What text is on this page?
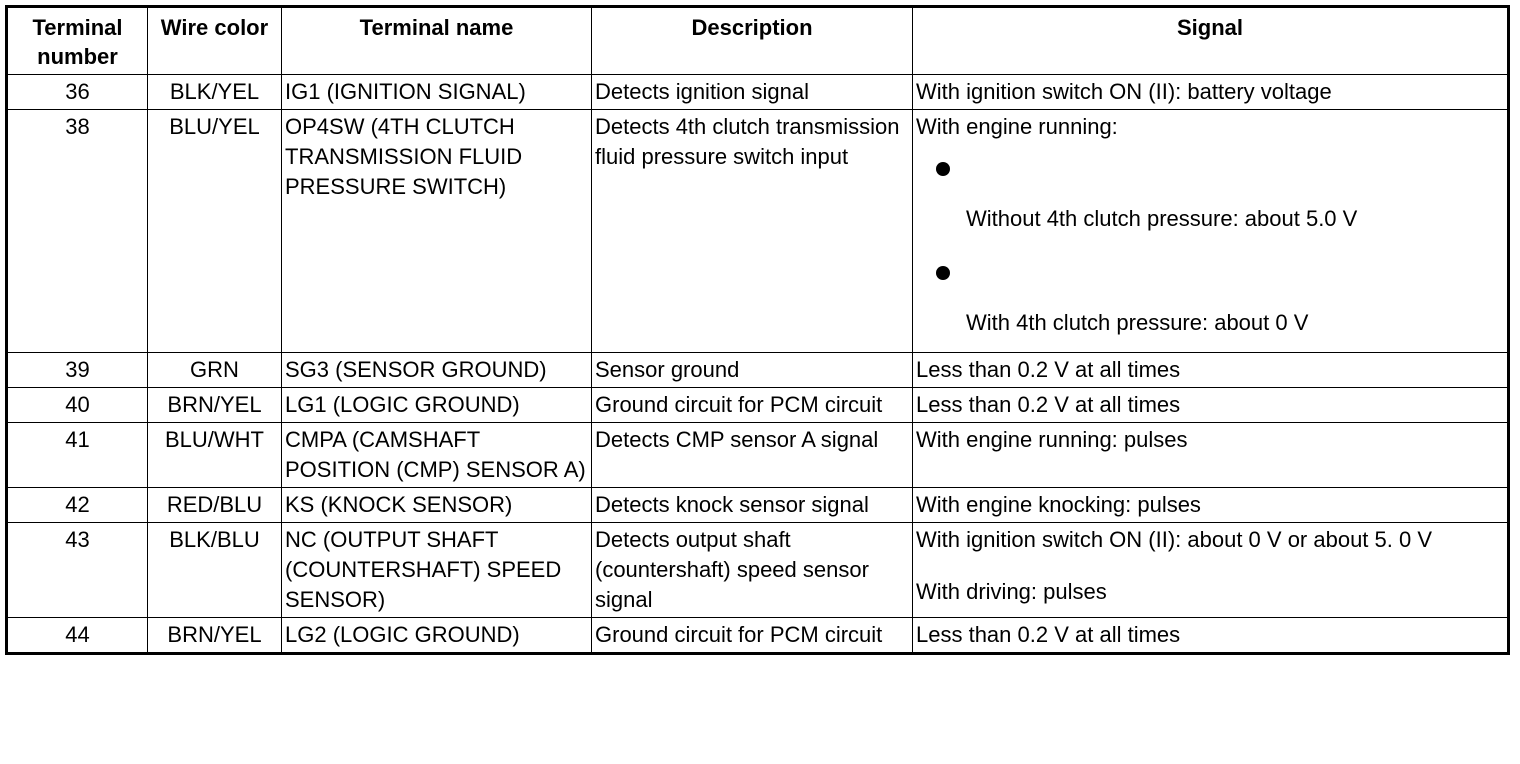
Terminal number	Wire color	Terminal name	Description	Signal
36	BLK/YEL	IG1 (IGNITION SIGNAL)	Detects ignition signal	With ignition switch ON (II): battery voltage
38	BLU/YEL	OP4SW (4TH CLUTCH TRANSMISSION FLUID PRESSURE SWITCH)	Detects 4th clutch transmission fluid pressure switch input	With engine running:
Without 4th clutch pressure: about 5.0 V
With 4th clutch pressure: about 0 V

39	GRN	SG3 (SENSOR GROUND)	Sensor ground	Less than 0.2 V at all times
40	BRN/YEL	LG1 (LOGIC GROUND)	Ground circuit for PCM circuit	Less than 0.2 V at all times
41	BLU/WHT	CMPA (CAMSHAFT POSITION (CMP) SENSOR A)	Detects CMP sensor A signal	With engine running: pulses
42	RED/BLU	KS (KNOCK SENSOR)	Detects knock sensor signal	With engine knocking: pulses
43	BLK/BLU	NC (OUTPUT SHAFT (COUNTERSHAFT) SPEED SENSOR)	Detects output shaft (countershaft) speed sensor signal	With ignition switch ON (II): about 0 V or about 5. 0 V
With driving: pulses

44	BRN/YEL	LG2 (LOGIC GROUND)	Ground circuit for PCM circuit	Less than 0.2 V at all times
